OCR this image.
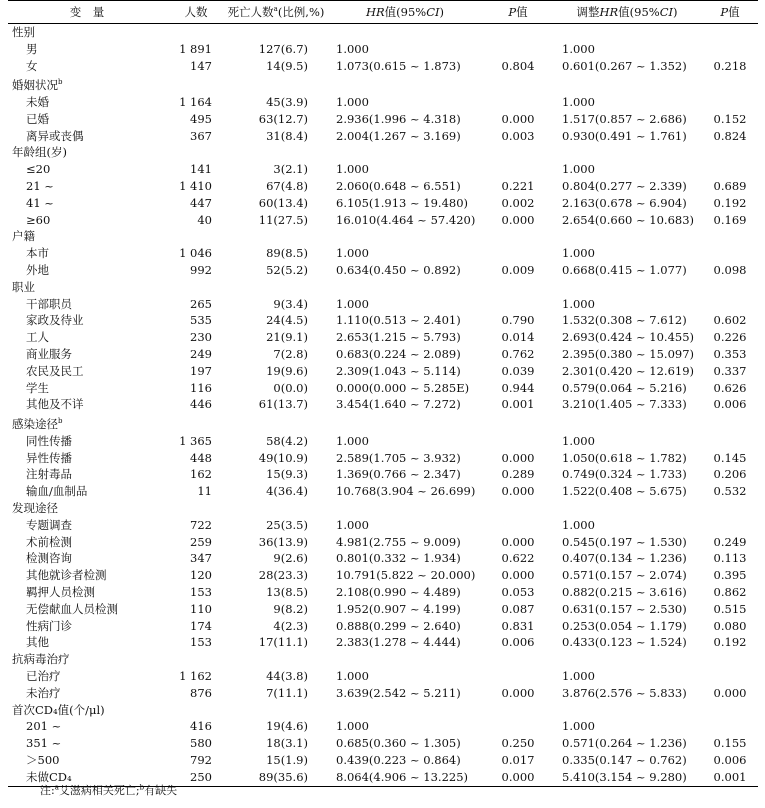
变　量	人数	死亡人数$^a$(比例,%)	HR值(95%CI)	P值	调整HR值(95%CI)	P值
性别						
男	1 891	127(6.7)	1.000		1.000	
女	147	14(9.5)	1.073(0.615 ~ 1.873)	0.804	0.601(0.267 ~ 1.352)	0.218
婚姻状况$^b$
未婚	1 164	45(3.9)	1.000		1.000	
已婚	495	63(12.7)	2.936(1.996 ~ 4.318)	0.000	1.517(0.857 ~ 2.686)	0.152
离异或丧偶	367	31(8.4)	2.004(1.267 ~ 3.169)	0.003	0.930(0.491 ~ 1.761)	0.824
年龄组(岁)						
≤20	141	3(2.1)	1.000		1.000	
21 ~	1 410	67(4.8)	2.060(0.648 ~ 6.551)	0.221	0.804(0.277 ~ 2.339)	0.689
41 ~	447	60(13.4)	6.105(1.913 ~ 19.480)	0.002	2.163(0.678 ~ 6.904)	0.192
≥60	40	11(27.5)	16.010(4.464 ~ 57.420)	0.000	2.654(0.660 ~ 10.683)	0.169
户籍						
本市	1 046	89(8.5)	1.000		1.000	
外地	992	52(5.2)	0.634(0.450 ~ 0.892)	0.009	0.668(0.415 ~ 1.077)	0.098
职业						
干部职员	265	9(3.4)	1.000		1.000	
家政及待业	535	24(4.5)	1.110(0.513 ~ 2.401)	0.790	1.532(0.308 ~ 7.612)	0.602
工人	230	21(9.1)	2.653(1.215 ~ 5.793)	0.014	2.693(0.424 ~ 10.455)	0.226
商业服务	249	7(2.8)	0.683(0.224 ~ 2.089)	0.762	2.395(0.380 ~ 15.097)	0.353
农民及民工	197	19(9.6)	2.309(1.043 ~ 5.114)	0.039	2.301(0.420 ~ 12.619)	0.337
学生	116	0(0.0)	0.000(0.000 ~ 5.285E)	0.944	0.579(0.064 ~ 5.216)	0.626
其他及不详	446	61(13.7)	3.454(1.640 ~ 7.272)	0.001	3.210(1.405 ~ 7.333)	0.006
感染途径$^b$
同性传播	1 365	58(4.2)	1.000		1.000	
异性传播	448	49(10.9)	2.589(1.705 ~ 3.932)	0.000	1.050(0.618 ~ 1.782)	0.145
注射毒品	162	15(9.3)	1.369(0.766 ~ 2.347)	0.289	0.749(0.324 ~ 1.733)	0.206
输血/血制品	11	4(36.4)	10.768(3.904 ~ 26.699)	0.000	1.522(0.408 ~ 5.675)	0.532
发现途径						
专题调查	722	25(3.5)	1.000		1.000	
术前检测	259	36(13.9)	4.981(2.755 ~ 9.009)	0.000	0.545(0.197 ~ 1.530)	0.249
检测咨询	347	9(2.6)	0.801(0.332 ~ 1.934)	0.622	0.407(0.134 ~ 1.236)	0.113
其他就诊者检测	120	28(23.3)	10.791(5.822 ~ 20.000)	0.000	0.571(0.157 ~ 2.074)	0.395
羁押人员检测	153	13(8.5)	2.108(0.990 ~ 4.489)	0.053	0.882(0.215 ~ 3.616)	0.862
无偿献血人员检测	110	9(8.2)	1.952(0.907 ~ 4.199)	0.087	0.631(0.157 ~ 2.530)	0.515
性病门诊	174	4(2.3)	0.888(0.299 ~ 2.640)	0.831	0.253(0.054 ~ 1.179)	0.080
其他	153	17(11.1)	2.383(1.278 ~ 4.444)	0.006	0.433(0.123 ~ 1.524)	0.192
抗病毒治疗						
已治疗	1 162	44(3.8)	1.000		1.000	
未治疗	876	7(11.1)	3.639(2.542 ~ 5.211)	0.000	3.876(2.576 ~ 5.833)	0.000
首次CD₄值(个/μl)						
201 ~	416	19(4.6)	1.000		1.000	
351 ~	580	18(3.1)	0.685(0.360 ~ 1.305)	0.250	0.571(0.264 ~ 1.236)	0.155
＞500	792	15(1.9)	0.439(0.223 ~ 0.864)	0.017	0.335(0.147 ~ 0.762)	0.006
未做CD₄	250	89(35.6)	8.064(4.906 ~ 13.225)	0.000	5.410(3.154 ~ 9.280)	0.001
注:$^a$艾滋病相关死亡;$^b$有缺失
